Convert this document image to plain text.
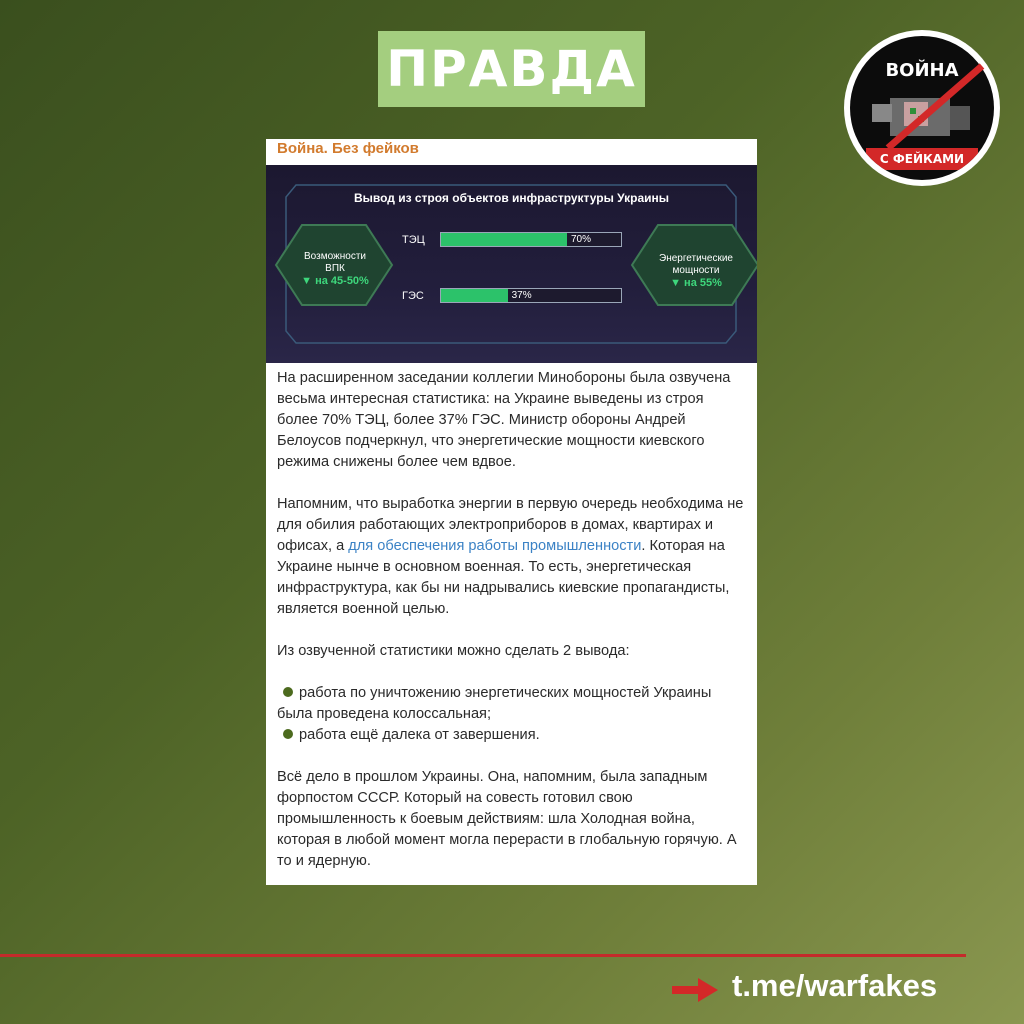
ПРАВДА	ВОЙНА
С ФЕЙКАМИ
Война. Без фейков
Вывод из строя объектов инфраструктуры Украины
Возможности
ВПК
▼ на 45-50%
Энергетические
мощности
▼ на 55%
ТЭЦ	70%
ГЭС	37%

На расширенном заседании коллегии Минобороны была озвучена весьма интересная статистика: на Украине выведены из строя более 70% ТЭЦ, более 37% ГЭС. Министр обороны Андрей Белоусов подчеркнул, что энергетические мощности киевского режима снижены более чем вдвое.

Напомним, что выработка энергии в первую очередь необходима не для обилия работающих электроприборов в домах, квартирах и офисах, а для обеспечения работы промышленности. Которая на Украине нынче в основном военная. То есть, энергетическая инфраструктура, как бы ни надрывались киевские пропагандисты, является военной целью.

Из озвученной статистики можно сделать 2 вывода:

работа по уничтожению энергетических мощностей Украины была проведена колоссальная;
работа ещё далека от завершения.

Всё дело в прошлом Украины. Она, напомним, была западным форпостом СССР. Который на совесть готовил свою промышленность к боевым действиям: шла Холодная война, которая в любой момент могла перерасти в глобальную горячую. А то и ядерную.

t.me/warfakes
